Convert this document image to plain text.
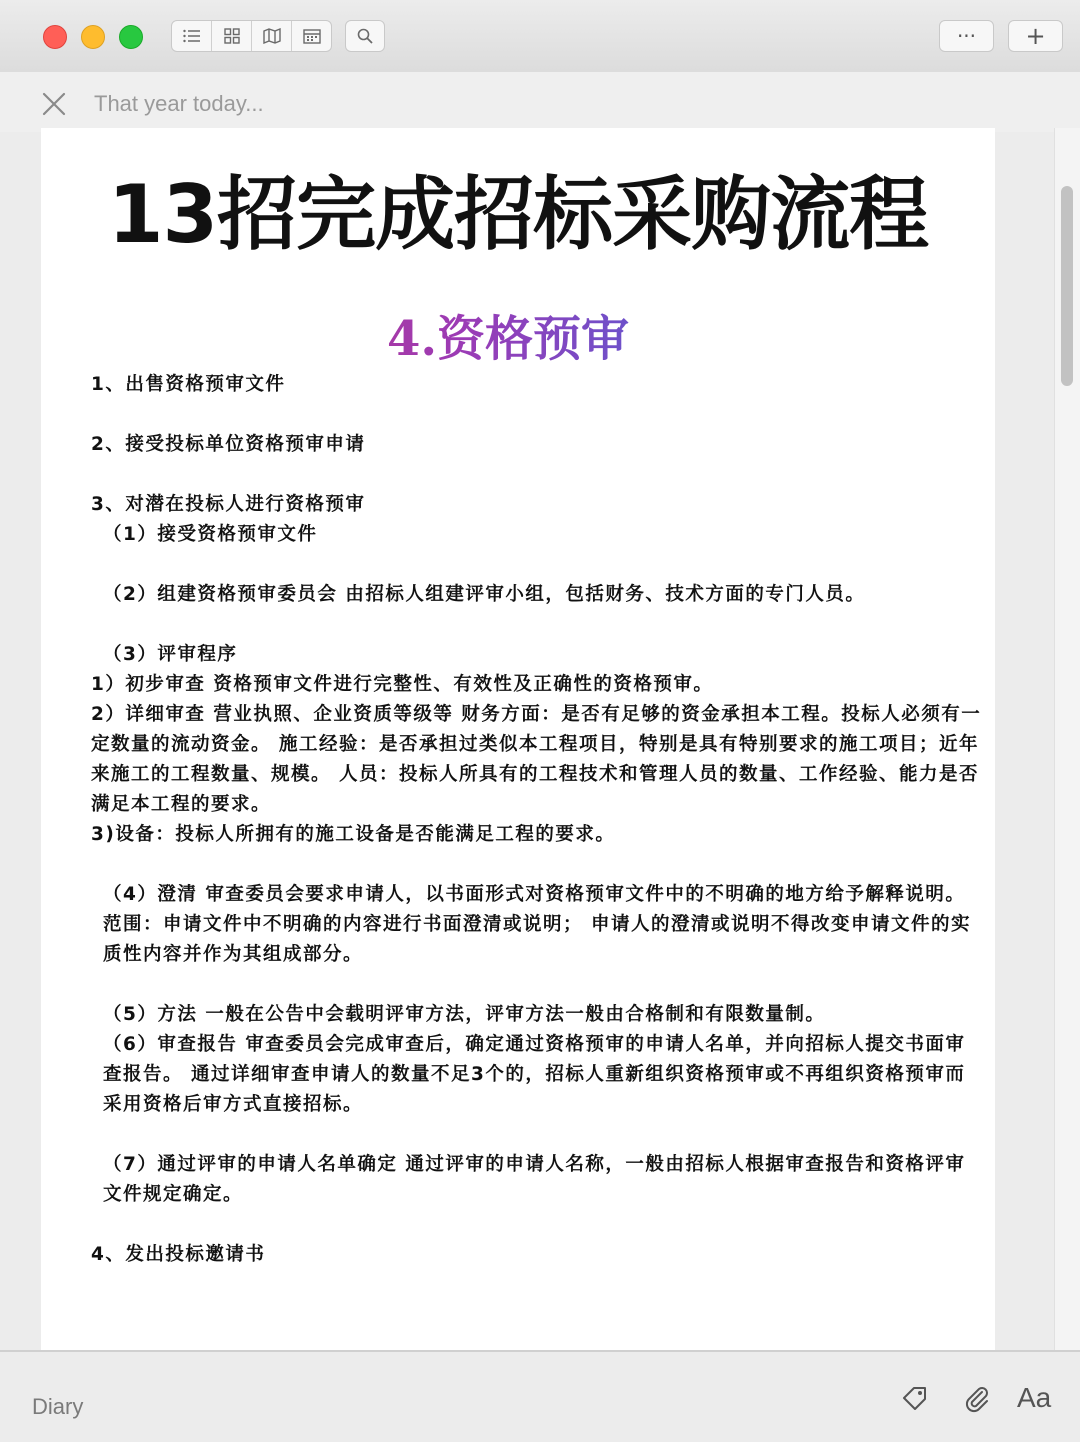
··· +
That year today...
13招完成招标采购流程
4.资格预审
1、出售资格预审文件
2、接受投标单位资格预审申请
3、对潜在投标人进行资格预审
（1）接受资格预审文件
（2）组建资格预审委员会 由招标人组建评审小组，包括财务、技术方面的专门人员。
（3）评审程序
1）初步审查 资格预审文件进行完整性、有效性及正确性的资格预审。
2）详细审查 营业执照、企业资质等级等 财务方面：是否有足够的资金承担本工程。投标人必须有一定数量的流动资金。 施工经验：是否承担过类似本工程项目，特别是具有特别要求的施工项目；近年来施工的工程数量、规模。 人员：投标人所具有的工程技术和管理人员的数量、工作经验、能力是否满足本工程的要求。
3)设备：投标人所拥有的施工设备是否能满足工程的要求。
（4）澄清 审查委员会要求申请人，以书面形式对资格预审文件中的不明确的地方给予解释说明。 范围：申请文件中不明确的内容进行书面澄清或说明； 申请人的澄清或说明不得改变申请文件的实质性内容并作为其组成部分。
（5）方法 一般在公告中会载明评审方法，评审方法一般由合格制和有限数量制。
（6）审查报告 审查委员会完成审查后，确定通过资格预审的申请人名单，并向招标人提交书面审查报告。 通过详细审查申请人的数量不足3个的，招标人重新组织资格预审或不再组织资格预审而采用资格后审方式直接招标。
（7）通过评审的申请人名单确定 通过评审的申请人名称，一般由招标人根据审查报告和资格评审文件规定确定。
4、发出投标邀请书
Diary	Aa
